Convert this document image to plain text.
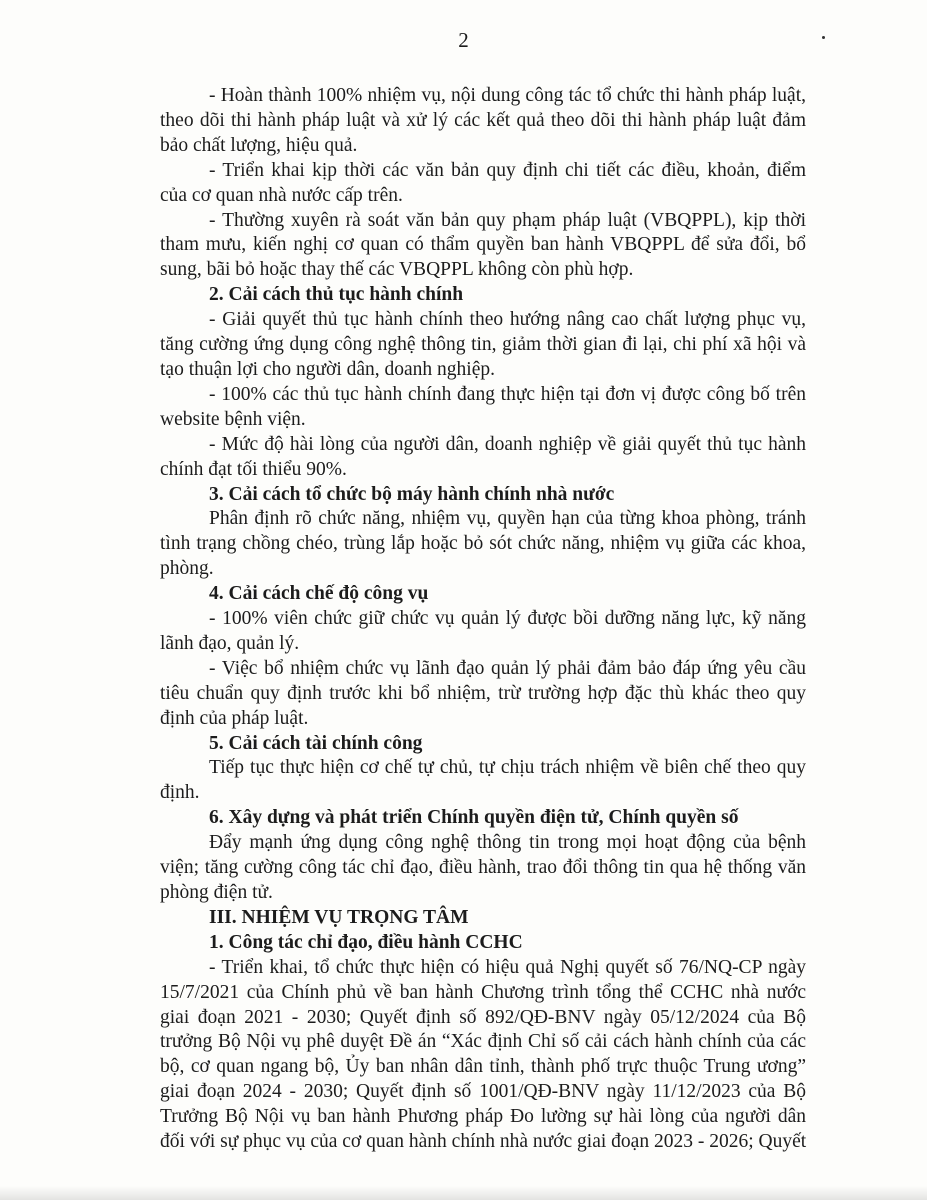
2
- Hoàn thành 100% nhiệm vụ, nội dung công tác tổ chức thi hành pháp luật,
theo dõi thi hành pháp luật và xử lý các kết quả theo dõi thi hành pháp luật đảm
bảo chất lượng, hiệu quả.
- Triển khai kịp thời các văn bản quy định chi tiết các điều, khoản, điểm
của cơ quan nhà nước cấp trên.
- Thường xuyên rà soát văn bản quy phạm pháp luật (VBQPPL), kịp thời
tham mưu, kiến nghị cơ quan có thẩm quyền ban hành VBQPPL để sửa đổi, bổ
sung, bãi bỏ hoặc thay thế các VBQPPL không còn phù hợp.
2. Cải cách thủ tục hành chính
- Giải quyết thủ tục hành chính theo hướng nâng cao chất lượng phục vụ,
tăng cường ứng dụng công nghệ thông tin, giảm thời gian đi lại, chi phí xã hội và
tạo thuận lợi cho người dân, doanh nghiệp.
- 100% các thủ tục hành chính đang thực hiện tại đơn vị được công bố trên
website bệnh viện.
- Mức độ hài lòng của người dân, doanh nghiệp về giải quyết thủ tục hành
chính đạt tối thiểu 90%.
3. Cải cách tổ chức bộ máy hành chính nhà nước
Phân định rõ chức năng, nhiệm vụ, quyền hạn của từng khoa phòng, tránh
tình trạng chồng chéo, trùng lắp hoặc bỏ sót chức năng, nhiệm vụ giữa các khoa,
phòng.
4. Cải cách chế độ công vụ
- 100% viên chức giữ chức vụ quản lý được bồi dưỡng năng lực, kỹ năng
lãnh đạo, quản lý.
- Việc bổ nhiệm chức vụ lãnh đạo quản lý phải đảm bảo đáp ứng yêu cầu
tiêu chuẩn quy định trước khi bổ nhiệm, trừ trường hợp đặc thù khác theo quy
định của pháp luật.
5. Cải cách tài chính công
Tiếp tục thực hiện cơ chế tự chủ, tự chịu trách nhiệm về biên chế theo quy
định.
6. Xây dựng và phát triển Chính quyền điện tử, Chính quyền số
Đẩy mạnh ứng dụng công nghệ thông tin trong mọi hoạt động của bệnh
viện; tăng cường công tác chỉ đạo, điều hành, trao đổi thông tin qua hệ thống văn
phòng điện tử.
III. NHIỆM VỤ TRỌNG TÂM
1. Công tác chỉ đạo, điều hành CCHC
- Triển khai, tổ chức thực hiện có hiệu quả Nghị quyết số 76/NQ-CP ngày
15/7/2021 của Chính phủ về ban hành Chương trình tổng thể CCHC nhà nước
giai đoạn 2021 - 2030; Quyết định số 892/QĐ-BNV ngày 05/12/2024 của Bộ
trưởng Bộ Nội vụ phê duyệt Đề án “Xác định Chỉ số cải cách hành chính của các
bộ, cơ quan ngang bộ, Ủy ban nhân dân tỉnh, thành phố trực thuộc Trung ương”
giai đoạn 2024 - 2030; Quyết định số 1001/QĐ-BNV ngày 11/12/2023 của Bộ
Trưởng Bộ Nội vụ ban hành Phương pháp Đo lường sự hài lòng của người dân
đối với sự phục vụ của cơ quan hành chính nhà nước giai đoạn 2023 - 2026; Quyết
